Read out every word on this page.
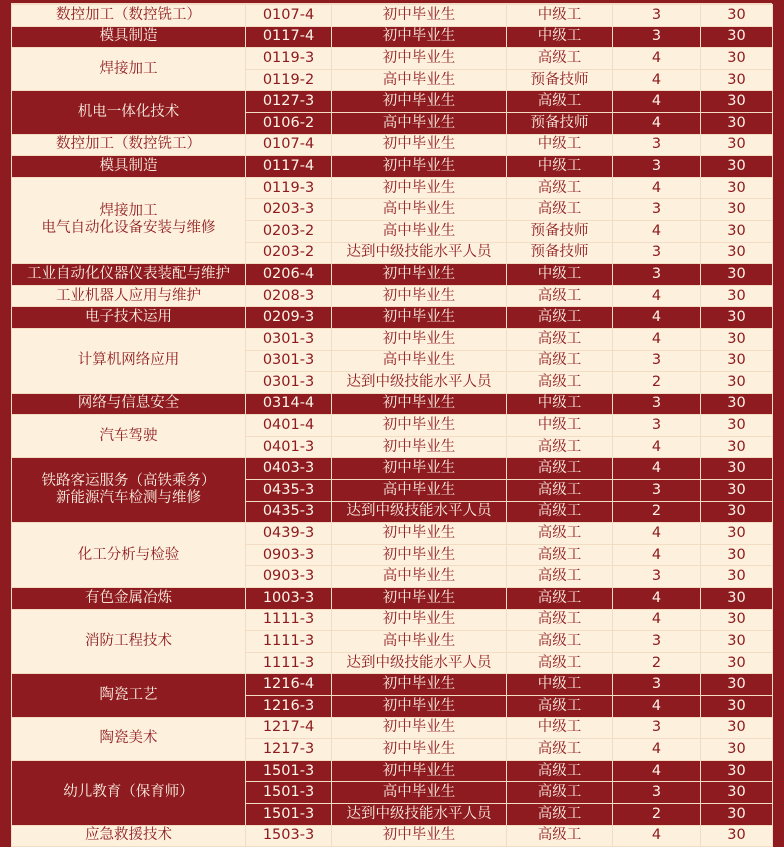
数控加工（数控铣工）	0107-4	初中毕业生	中级工	3	30

模具制造	0117-4	初中毕业生	中级工	3	30

焊接加工	0119-3	初中毕业生	高级工	4	30
	0119-2	高中毕业生	预备技师	4	30

机电一体化技术	0127-3	初中毕业生	高级工	4	30
	0106-2	高中毕业生	预备技师	4	30

数控加工（数控铣工）	0107-4	初中毕业生	中级工	3	30

模具制造	0117-4	初中毕业生	中级工	3	30

焊接加工
电气自动化设备安装与维修	0119-3	初中毕业生	高级工	4	30
	0203-3	高中毕业生	高级工	3	30
	0203-2	高中毕业生	预备技师	4	30
	0203-2	达到中级技能水平人员	预备技师	3	30

工业自动化仪器仪表装配与维护	0206-4	初中毕业生	中级工	3	30

工业机器人应用与维护	0208-3	初中毕业生	高级工	4	30

电子技术运用	0209-3	初中毕业生	高级工	4	30

计算机网络应用	0301-3	初中毕业生	高级工	4	30
	0301-3	高中毕业生	高级工	3	30
	0301-3	达到中级技能水平人员	高级工	2	30

网络与信息安全	0314-4	初中毕业生	中级工	3	30

汽车驾驶	0401-4	初中毕业生	中级工	3	30
	0401-3	初中毕业生	高级工	4	30

铁路客运服务（高铁乘务）
新能源汽车检测与维修	0403-3	初中毕业生	高级工	4	30
	0435-3	高中毕业生	高级工	3	30
	0435-3	达到中级技能水平人员	高级工	2	30

化工分析与检验	0439-3	初中毕业生	高级工	4	30
	0903-3	初中毕业生	高级工	4	30
	0903-3	高中毕业生	高级工	3	30

有色金属冶炼	1003-3	初中毕业生	高级工	4	30

消防工程技术	1111-3	初中毕业生	高级工	4	30
	1111-3	高中毕业生	高级工	3	30
	1111-3	达到中级技能水平人员	高级工	2	30

陶瓷工艺	1216-4	初中毕业生	中级工	3	30
	1216-3	初中毕业生	高级工	4	30

陶瓷美术	1217-4	初中毕业生	中级工	3	30
	1217-3	初中毕业生	高级工	4	30

幼儿教育（保育师）	1501-3	初中毕业生	高级工	4	30
	1501-3	高中毕业生	高级工	3	30
	1501-3	达到中级技能水平人员	高级工	2	30

应急救援技术	1503-3	初中毕业生	高级工	4	30
